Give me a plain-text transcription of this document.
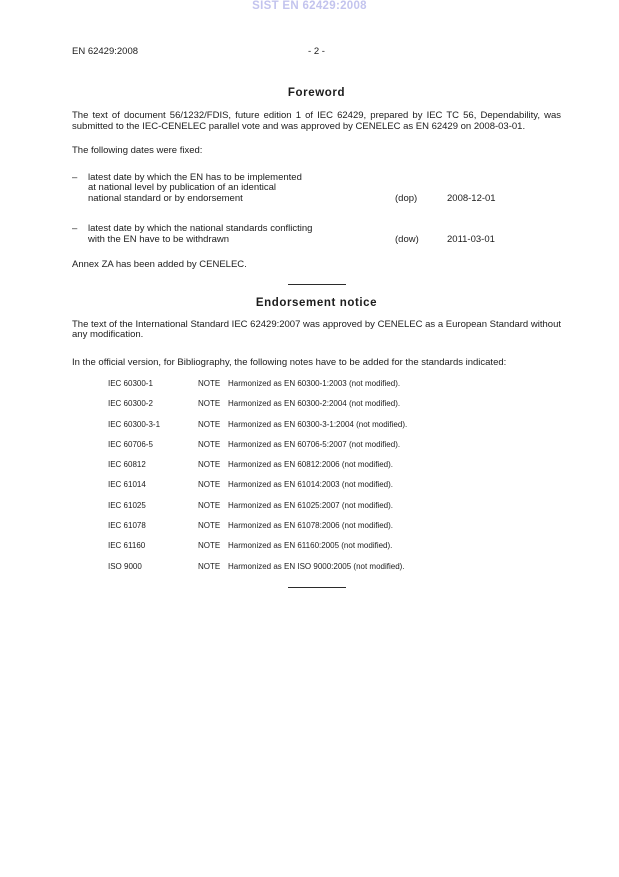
SIST EN 62429:2008
EN 62429:2008	- 2 -
Foreword
The text of document 56/1232/FDIS, future edition 1 of IEC 62429, prepared by IEC TC 56, Dependability, was submitted to the IEC-CENELEC parallel vote and was approved by CENELEC as EN 62429 on 2008-03-01.
The following dates were fixed:
–	latest date by which the EN has to be implemented
at national level by publication of an identical
national standard or by endorsement	(dop)	2008-12-01
–	latest date by which the national standards conflicting
with the EN have to be withdrawn	(dow)	2011-03-01
Annex ZA has been added by CENELEC.
Endorsement notice
The text of the International Standard IEC 62429:2007 was approved by CENELEC as a European Standard without any modification.
In the official version, for Bibliography, the following notes have to be added for the standards indicated:
IEC 60300-1	NOTE Harmonized as EN 60300-1:2003 (not modified).
IEC 60300-2	NOTE Harmonized as EN 60300-2:2004 (not modified).
IEC 60300-3-1	NOTE Harmonized as EN 60300-3-1:2004 (not modified).
IEC 60706-5	NOTE Harmonized as EN 60706-5:2007 (not modified).
IEC 60812	NOTE Harmonized as EN 60812:2006 (not modified).
IEC 61014	NOTE Harmonized as EN 61014:2003 (not modified).
IEC 61025	NOTE Harmonized as EN 61025:2007 (not modified).
IEC 61078	NOTE Harmonized as EN 61078:2006 (not modified).
IEC 61160	NOTE Harmonized as EN 61160:2005 (not modified).
ISO 9000	NOTE Harmonized as EN ISO 9000:2005 (not modified).
